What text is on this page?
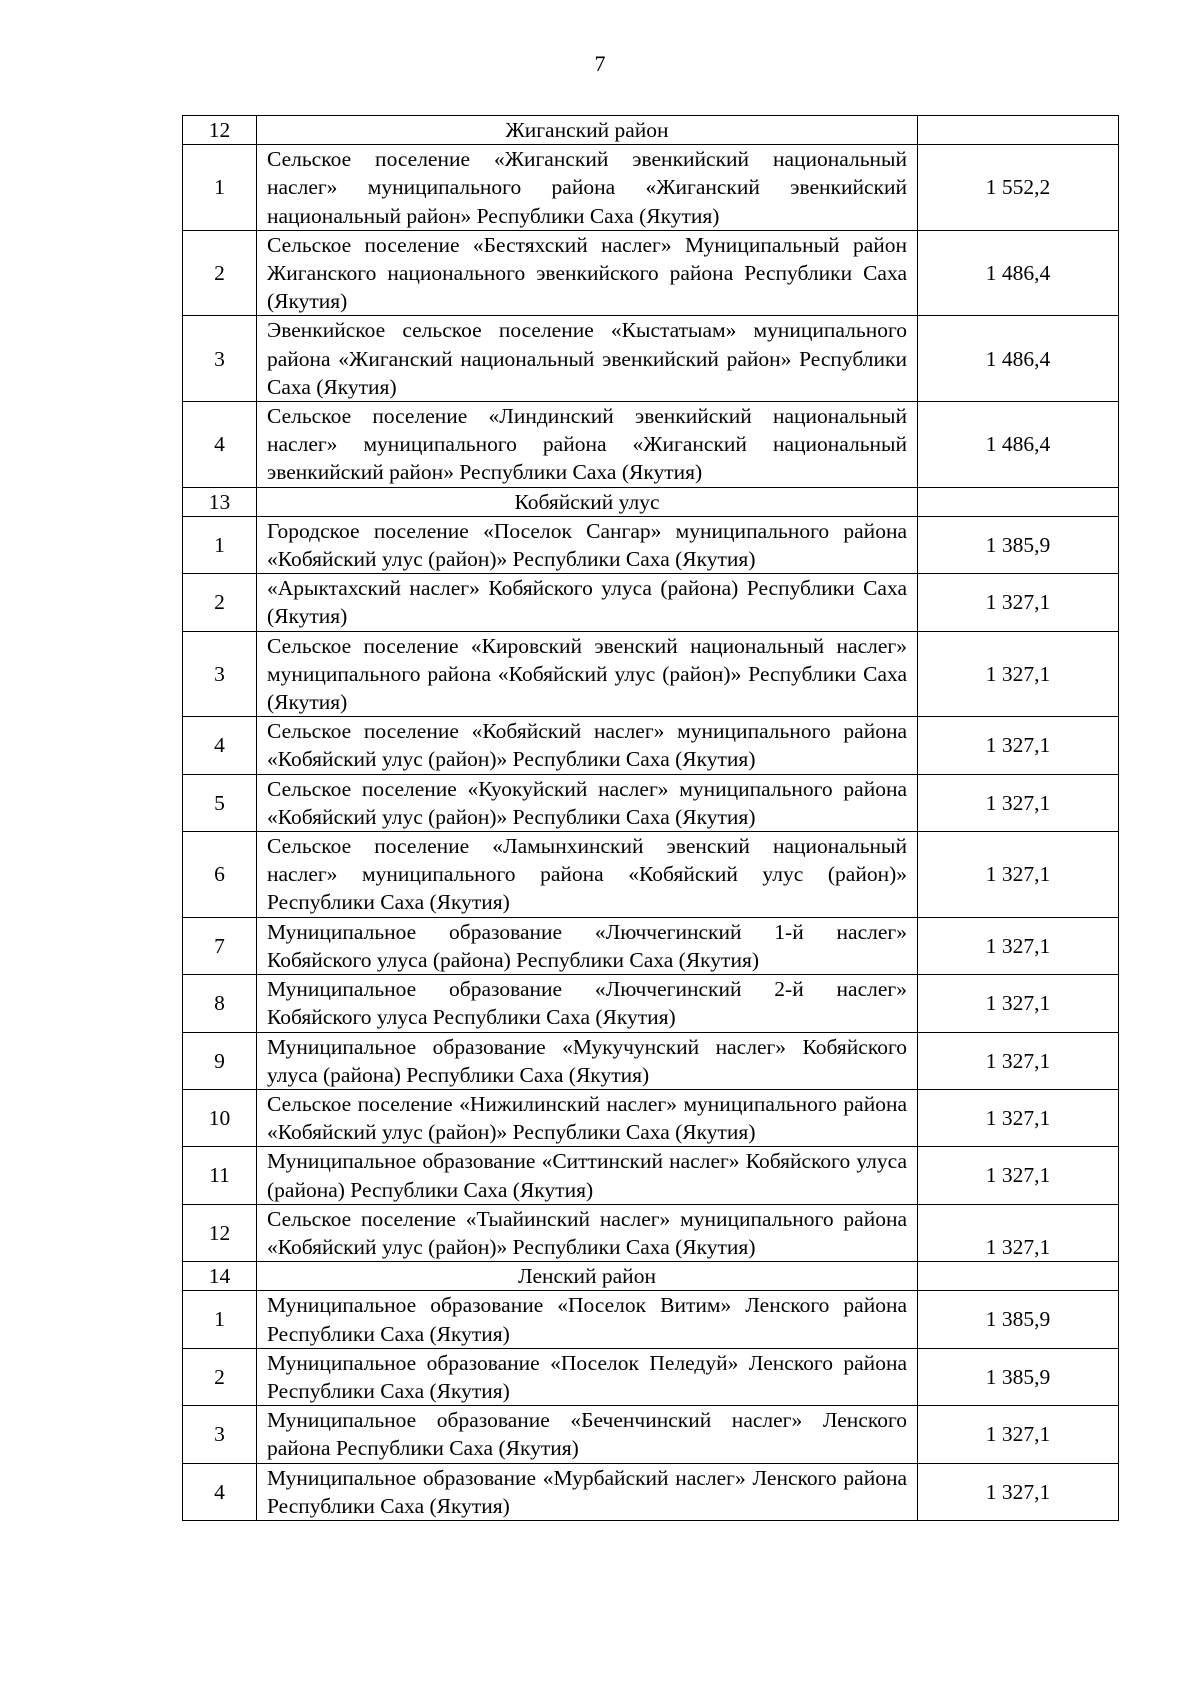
7
12	Жиганский район	
1	Сельское поселение «Жиганский эвенкийский национальный наслег» муниципального района «Жиганский эвенкийский национальный район» Республики Саха (Якутия)	1 552,2
2	Сельское поселение «Бестяхский наслег» Муниципальный район Жиганского национального эвенкийского района Республики Саха (Якутия)	1 486,4
3	Эвенкийское сельское поселение «Кыстатыам» муниципального района «Жиганский национальный эвенкийский район» Республики Саха (Якутия)	1 486,4
4	Сельское поселение «Линдинский эвенкийский национальный наслег» муниципального района «Жиганский национальный эвенкийский район» Республики Саха (Якутия)	1 486,4
13	Кобяйский улус	
1	Городское поселение «Поселок Сангар» муниципального района «Кобяйский улус (район)» Республики Саха (Якутия)	1 385,9
2	«Арыктахский наслег» Кобяйского улуса (района) Республики Саха (Якутия)	1 327,1
3	Сельское поселение «Кировский эвенский национальный наслег» муниципального района «Кобяйский улус (район)» Республики Саха (Якутия)	1 327,1
4	Сельское поселение «Кобяйский наслег» муниципального района «Кобяйский улус (район)» Республики Саха (Якутия)	1 327,1
5	Сельское поселение «Куокуйский наслег» муниципального района «Кобяйский улус (район)» Республики Саха (Якутия)	1 327,1
6	Сельское поселение «Ламынхинский эвенский национальный наслег» муниципального района «Кобяйский улус (район)» Республики Саха (Якутия)	1 327,1
7	Муниципальное образование «Люччегинский 1-й наслег» Кобяйского улуса (района) Республики Саха (Якутия)	1 327,1
8	Муниципальное образование «Люччегинский 2-й наслег» Кобяйского улуса Республики Саха (Якутия)	1 327,1
9	Муниципальное образование «Мукучунский наслег» Кобяйского улуса (района) Республики Саха (Якутия)	1 327,1
10	Сельское поселение «Нижилинский наслег» муниципального района «Кобяйский улус (район)» Республики Саха (Якутия)	1 327,1
11	Муниципальное образование «Ситтинский наслег» Кобяйского улуса (района) Республики Саха (Якутия)	1 327,1
12	Сельское поселение «Тыайинский наслег» муниципального района «Кобяйский улус (район)» Республики Саха (Якутия)	1 327,1
14	Ленский район	
1	Муниципальное образование «Поселок Витим» Ленского района Республики Саха (Якутия)	1 385,9
2	Муниципальное образование «Поселок Пеледуй» Ленского района Республики Саха (Якутия)	1 385,9
3	Муниципальное образование «Беченчинский наслег» Ленского района Республики Саха (Якутия)	1 327,1
4	Муниципальное образование «Мурбайский наслег» Ленского района Республики Саха (Якутия)	1 327,1
